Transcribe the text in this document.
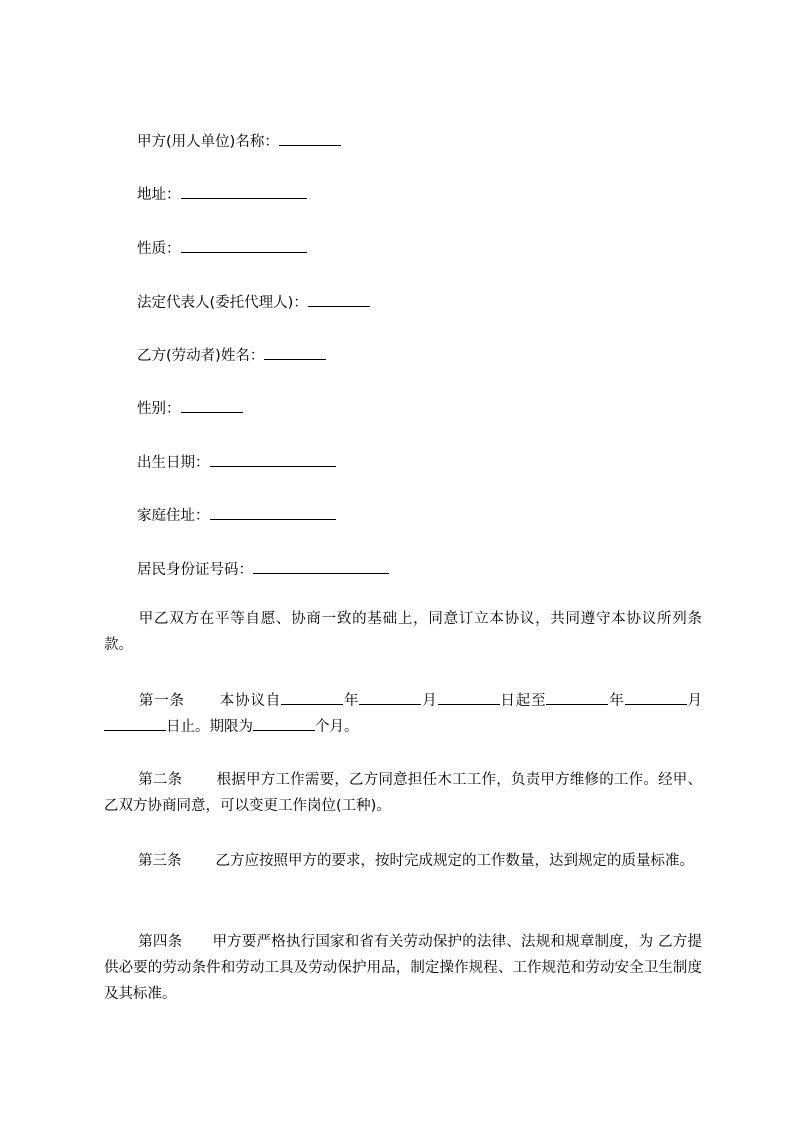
甲方(用人单位)名称：
地址：
性质：
法定代表人(委托代理人)：
乙方(劳动者)姓名：
性别：
出生日期：
家庭住址：
居民身份证号码：
甲乙双方在平等自愿、协商一致的基础上，同意订立本协议，共同遵守本协议所列条款。
第一条 本协议自	年	月	日起至	年	月日止。期限为	个月。
第二条 根据甲方工作需要，乙方同意担任木工工作，负责甲方维修的工作。经甲、乙双方协商同意，可以变更工作岗位(工种)。
第三条 乙方应按照甲方的要求，按时完成规定的工作数量，达到规定的质量标准。
第四条 甲方要严格执行国家和省有关劳动保护的法律、法规和规章制度，为 乙方提供必要的劳动条件和劳动工具及劳动保护用品，制定操作规程、工作规范和劳动安全卫生制度及其标准。
